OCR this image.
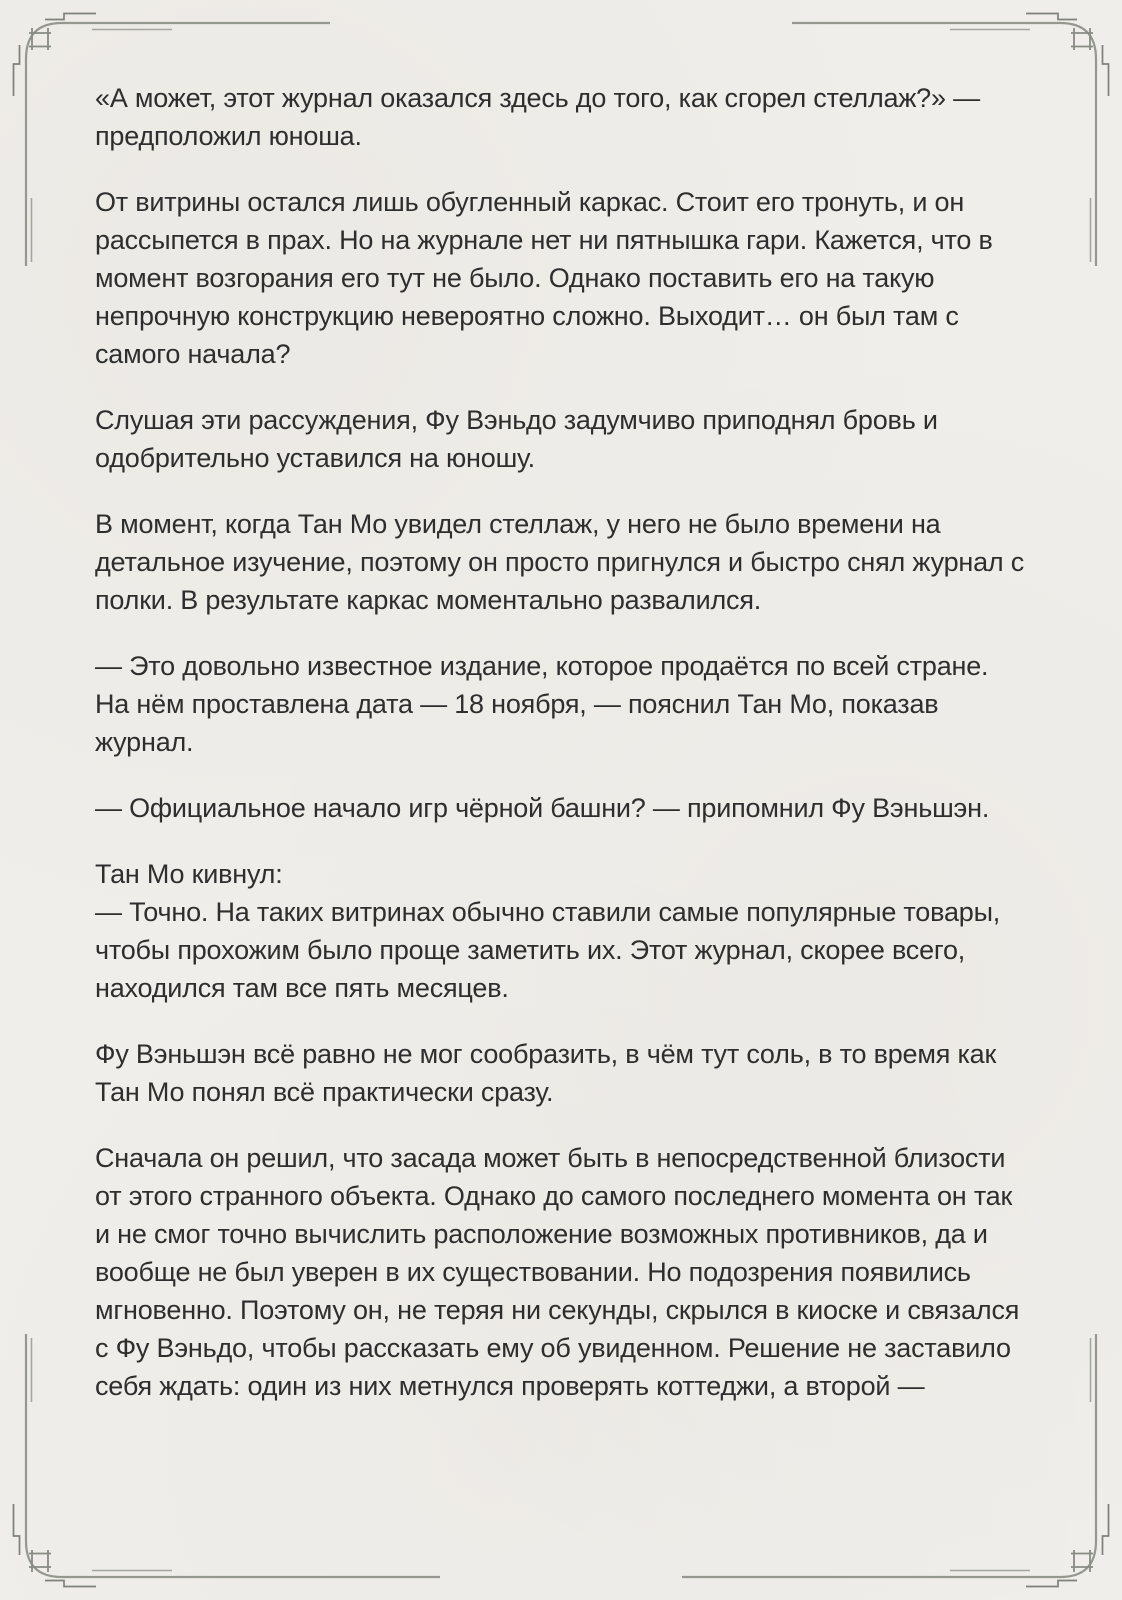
«А может, этот журнал оказался здесь до того, как сгорел стеллаж?» —
предположил юноша.
От витрины остался лишь обугленный каркас. Стоит его тронуть, и он
рассыпется в прах. Но на журнале нет ни пятнышка гари. Кажется, что в
момент возгорания его тут не было. Однако поставить его на такую
непрочную конструкцию невероятно сложно. Выходит… он был там с
самого начала?
Слушая эти рассуждения, Фу Вэньдо задумчиво приподнял бровь и
одобрительно уставился на юношу.
В момент, когда Тан Мо увидел стеллаж, у него не было времени на
детальное изучение, поэтому он просто пригнулся и быстро снял журнал с
полки. В результате каркас моментально развалился.
— Это довольно известное издание, которое продаётся по всей стране.
На нём проставлена дата — 18 ноября, — пояснил Тан Мо, показав
журнал.
— Официальное начало игр чёрной башни? — припомнил Фу Вэньшэн.
Тан Мо кивнул:
— Точно. На таких витринах обычно ставили самые популярные товары,
чтобы прохожим было проще заметить их. Этот журнал, скорее всего,
находился там все пять месяцев.
Фу Вэньшэн всё равно не мог сообразить, в чём тут соль, в то время как
Тан Мо понял всё практически сразу.
Сначала он решил, что засада может быть в непосредственной близости
от этого странного объекта. Однако до самого последнего момента он так
и не смог точно вычислить расположение возможных противников, да и
вообще не был уверен в их существовании. Но подозрения появились
мгновенно. Поэтому он, не теряя ни секунды, скрылся в киоске и связался
с Фу Вэньдо, чтобы рассказать ему об увиденном. Решение не заставило
себя ждать: один из них метнулся проверять коттеджи, а второй —
